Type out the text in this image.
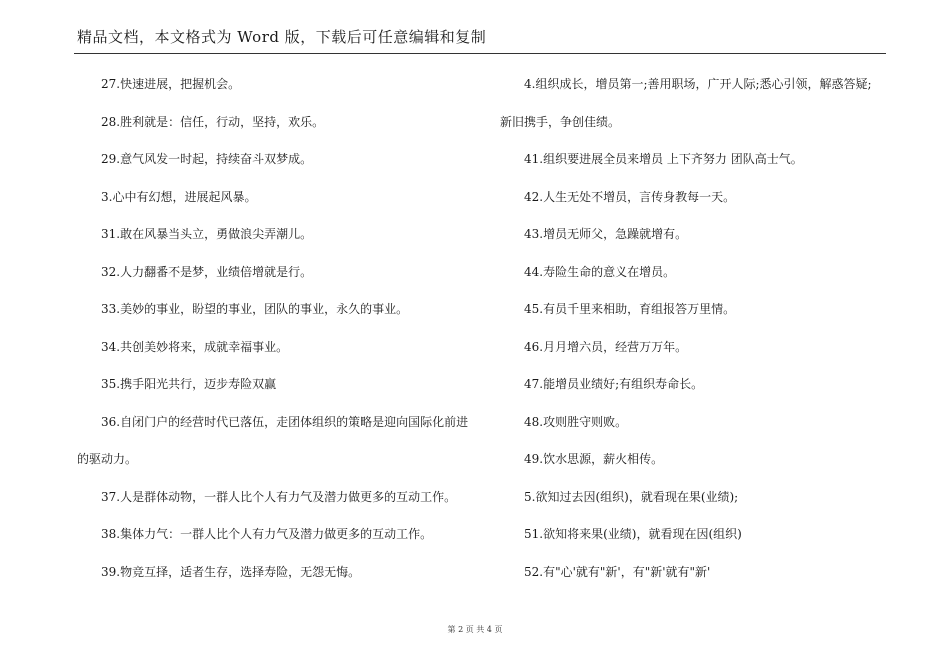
精品文档，本文格式为 Word 版，下载后可任意编辑和复制
27.快速进展，把握机会。
28.胜利就是：信任，行动，坚持，欢乐。
29.意气风发一时起，持续奋斗双梦成。
3.心中有幻想，进展起风暴。
31.敢在风暴当头立，勇做浪尖弄潮儿。
32.人力翻番不是梦，业绩倍增就是行。
33.美妙的事业，盼望的事业，团队的事业，永久的事业。
34.共创美妙将来，成就幸福事业。
35.携手阳光共行，迈步寿险双赢
36.自闭门户的经营时代已落伍，走团体组织的策略是迎向国际化前进
的驱动力。
37.人是群体动物，一群人比个人有力气及潜力做更多的互动工作。
38.集体力气：一群人比个人有力气及潜力做更多的互动工作。
39.物竞互择，适者生存，选择寿险，无怨无悔。
4.组织成长，增员第一;善用职场，广开人际;悉心引领，解惑答疑;
新旧携手，争创佳绩。
41.组织要进展全员来增员 上下齐努力 团队高士气。
42.人生无处不增员，言传身教每一天。
43.增员无师父，急躁就增有。
44.寿险生命的意义在增员。
45.有员千里来相助，育组报答万里情。
46.月月增六员，经营万万年。
47.能增员业绩好;有组织寿命长。
48.攻则胜守则败。
49.饮水思源，薪火相传。
5.欲知过去因(组织)，就看现在果(业绩);
51.欲知将来果(业绩)，就看现在因(组织)
52.有"心'就有"新'，有"新'就有"新'
第 2 页 共 4 页
